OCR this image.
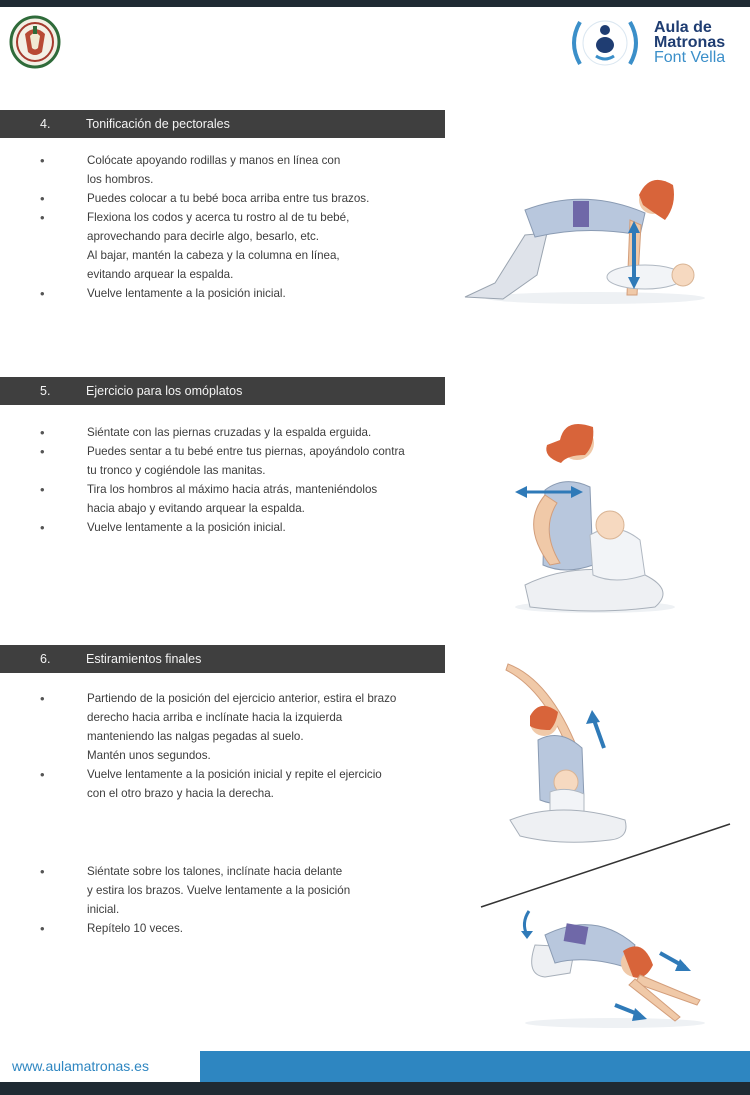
Aula de
Matronas
Font Vella
4.	Tonificación de pectorales
• Colócate apoyando rodillas y manos en línea con
los hombros.
• Puedes colocar a tu bebé boca arriba entre tus brazos.
• Flexiona los codos y acerca tu rostro al de tu bebé,
aprovechando para decirle algo, besarlo, etc.
Al bajar, mantén la cabeza y la columna en línea,
evitando arquear la espalda.
• Vuelve lentamente a la posición inicial.
5.	Ejercicio para los omóplatos
• Siéntate con las piernas cruzadas y la espalda erguida.
• Puedes sentar a tu bebé entre tus piernas, apoyándolo contra
tu tronco y cogiéndole las manitas.
• Tira los hombros al máximo hacia atrás, manteniéndolos
hacia abajo y evitando arquear la espalda.
• Vuelve lentamente a la posición inicial.
6.	Estiramientos finales
• Partiendo de la posición del ejercicio anterior, estira el brazo
derecho hacia arriba e inclínate hacia la izquierda
manteniendo las nalgas pegadas al suelo.
Mantén unos segundos.
• Vuelve lentamente a la posición inicial y repite el ejercicio
con el otro brazo y hacia la derecha.
• Siéntate sobre los talones, inclínate hacia delante
y estira los brazos. Vuelve lentamente a la posición
inicial.
• Repítelo 10 veces.
www.aulamatronas.es
